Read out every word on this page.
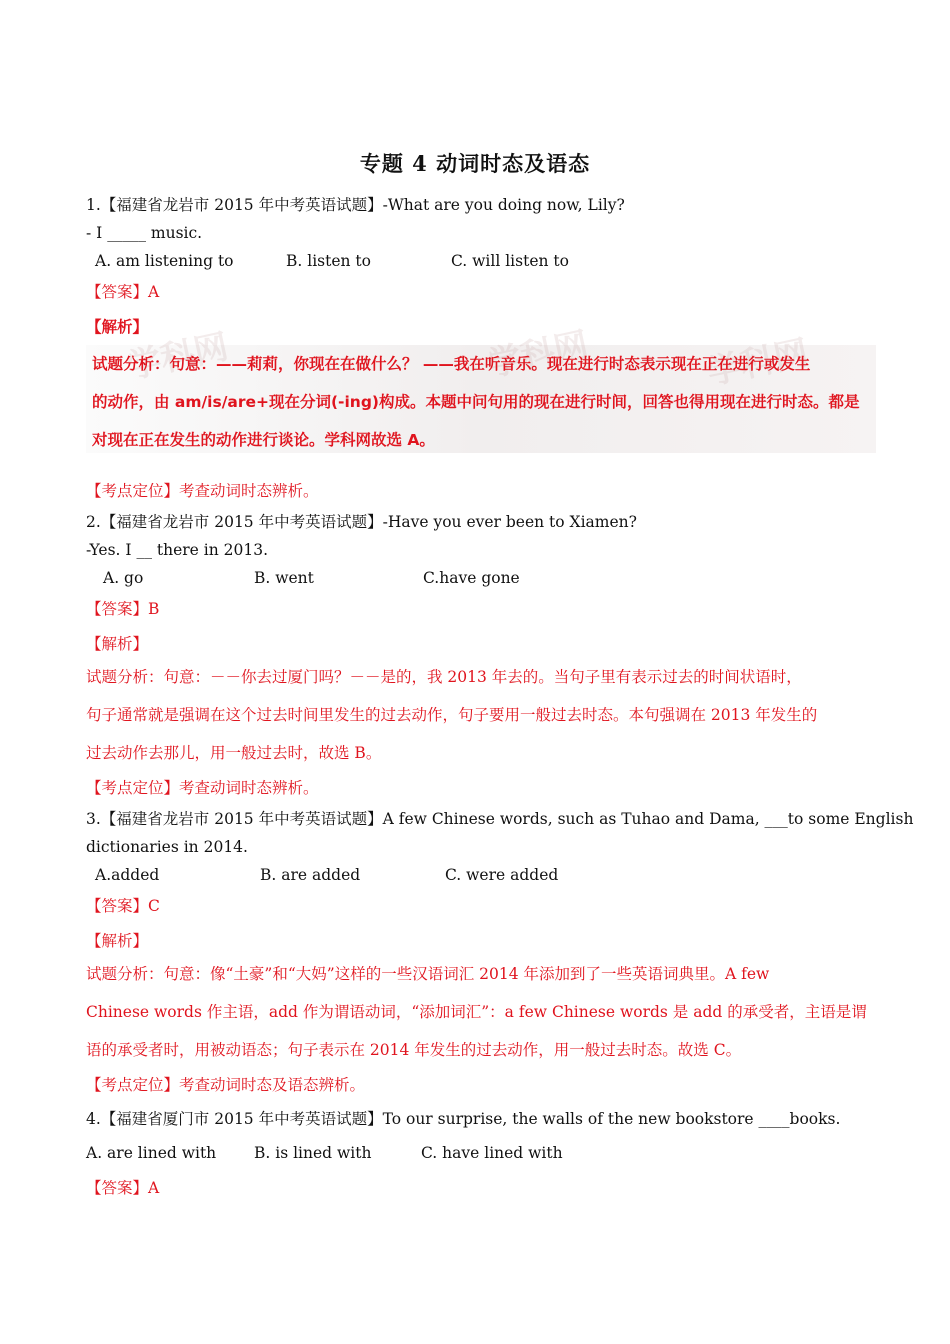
专题 4 动词时态及语态
1.【福建省龙岩市 2015 年中考英语试题】-What are you doing now, Lily?
- I _____ music.
A. am listening to	B. listen to	C. will listen to
【答案】A
【解析】
学科网	学科网	学科网
试题分析：句意：——莉莉，你现在在做什么？ ——我在听音乐。现在进行时态表示现在正在进行或发生
的动作，由 am/is/are+现在分词(-ing)构成。本题中问句用的现在进行时间，回答也得用现在进行时态。都是
对现在正在发生的动作进行谈论。学科网故选 A。
【考点定位】考查动词时态辨析。
2.【福建省龙岩市 2015 年中考英语试题】-Have you ever been to Xiamen?
-Yes. I __ there in 2013.
A. go	B. went	C.have gone
【答案】B
【解析】
试题分析：句意：－－你去过厦门吗？－－是的，我 2013 年去的。当句子里有表示过去的时间状语时，
句子通常就是强调在这个过去时间里发生的过去动作，句子要用一般过去时态。本句强调在 2013 年发生的
过去动作去那儿，用一般过去时，故选 B。
【考点定位】考查动词时态辨析。
3.【福建省龙岩市 2015 年中考英语试题】A few Chinese words, such as Tuhao and Dama, ___to some English
dictionaries in 2014.
A.added	B. are added	C. were added
【答案】C
【解析】
试题分析：句意：像“土豪”和“大妈”这样的一些汉语词汇 2014 年添加到了一些英语词典里。A few
Chinese words 作主语，add 作为谓语动词，“添加词汇”：a few Chinese words 是 add 的承受者，主语是谓
语的承受者时，用被动语态；句子表示在 2014 年发生的过去动作，用一般过去时态。故选 C。
【考点定位】考查动词时态及语态辨析。
4.【福建省厦门市 2015 年中考英语试题】To our surprise, the walls of the new bookstore ____books.
A. are lined with B. is lined with	C. have lined with
【答案】A
